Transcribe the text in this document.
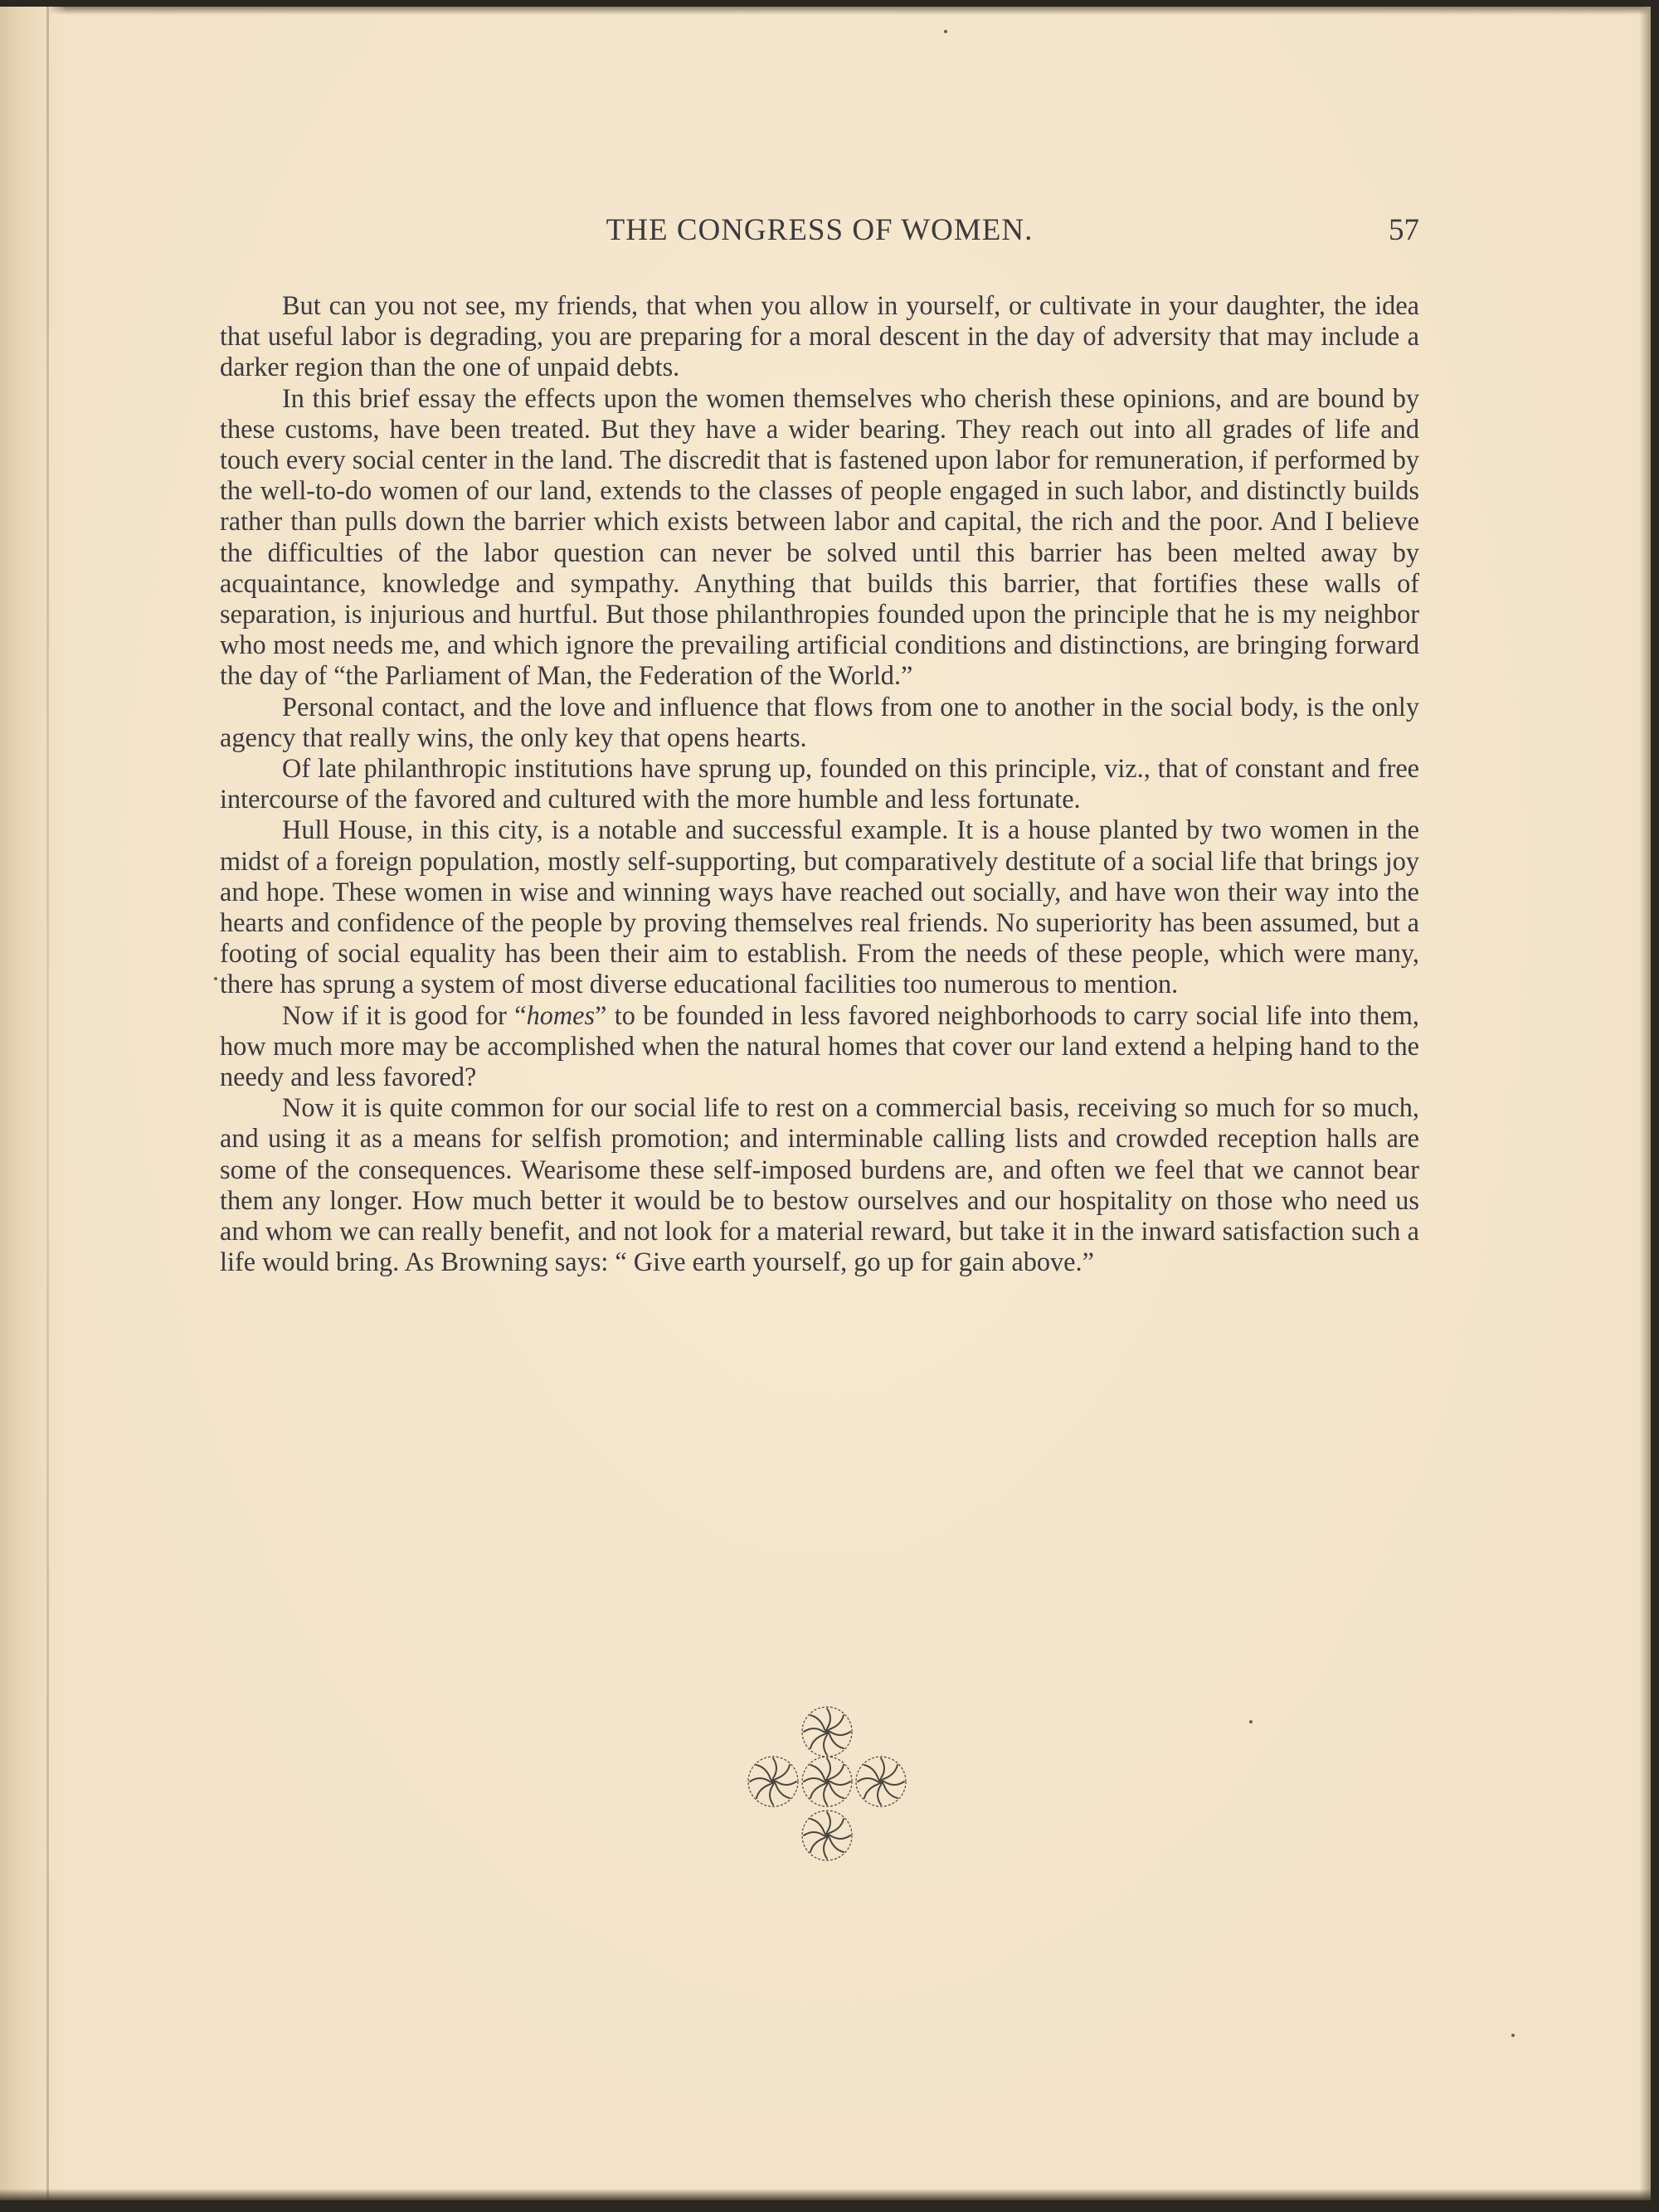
THE CONGRESS OF WOMEN.	57

But can you not see, my friends, that when you allow in yourself, or cultivate in your daughter, the idea that useful labor is degrading, you are preparing for a moral descent in the day of adversity that may include a darker region than the one of unpaid debts.

In this brief essay the effects upon the women themselves who cherish these opinions, and are bound by these customs, have been treated. But they have a wider bearing. They reach out into all grades of life and touch every social center in the land. The discredit that is fastened upon labor for remuneration, if performed by the well-to-do women of our land, extends to the classes of people engaged in such labor, and distinctly builds rather than pulls down the barrier which exists between labor and capital, the rich and the poor. And I believe the difficulties of the labor question can never be solved until this barrier has been melted away by acquaintance, knowledge and sympathy. Anything that builds this barrier, that fortifies these walls of separation, is injurious and hurtful. But those philanthropies founded upon the principle that he is my neighbor who most needs me, and which ignore the prevailing artificial conditions and distinctions, are bringing forward the day of “the Parliament of Man, the Federation of the World.”

Personal contact, and the love and influence that flows from one to another in the social body, is the only agency that really wins, the only key that opens hearts.

Of late philanthropic institutions have sprung up, founded on this principle, viz., that of constant and free intercourse of the favored and cultured with the more humble and less fortunate.

Hull House, in this city, is a notable and successful example. It is a house planted by two women in the midst of a foreign population, mostly self-supporting, but comparatively destitute of a social life that brings joy and hope. These women in wise and winning ways have reached out socially, and have won their way into the hearts and confidence of the people by proving themselves real friends. No superiority has been assumed, but a footing of social equality has been their aim to establish. From the needs of these people, which were many, there has sprung a system of most diverse educational facilities too numerous to mention.

Now if it is good for “homes” to be founded in less favored neighborhoods to carry social life into them, how much more may be accomplished when the natural homes that cover our land extend a helping hand to the needy and less favored?

Now it is quite common for our social life to rest on a commercial basis, receiving so much for so much, and using it as a means for selfish promotion; and interminable calling lists and crowded reception halls are some of the consequences. Wearisome these self-imposed burdens are, and often we feel that we cannot bear them any longer. How much better it would be to bestow ourselves and our hospitality on those who need us and whom we can really benefit, and not look for a material reward, but take it in the inward satisfaction such a life would bring. As Browning says: “ Give earth yourself, go up for gain above.”
